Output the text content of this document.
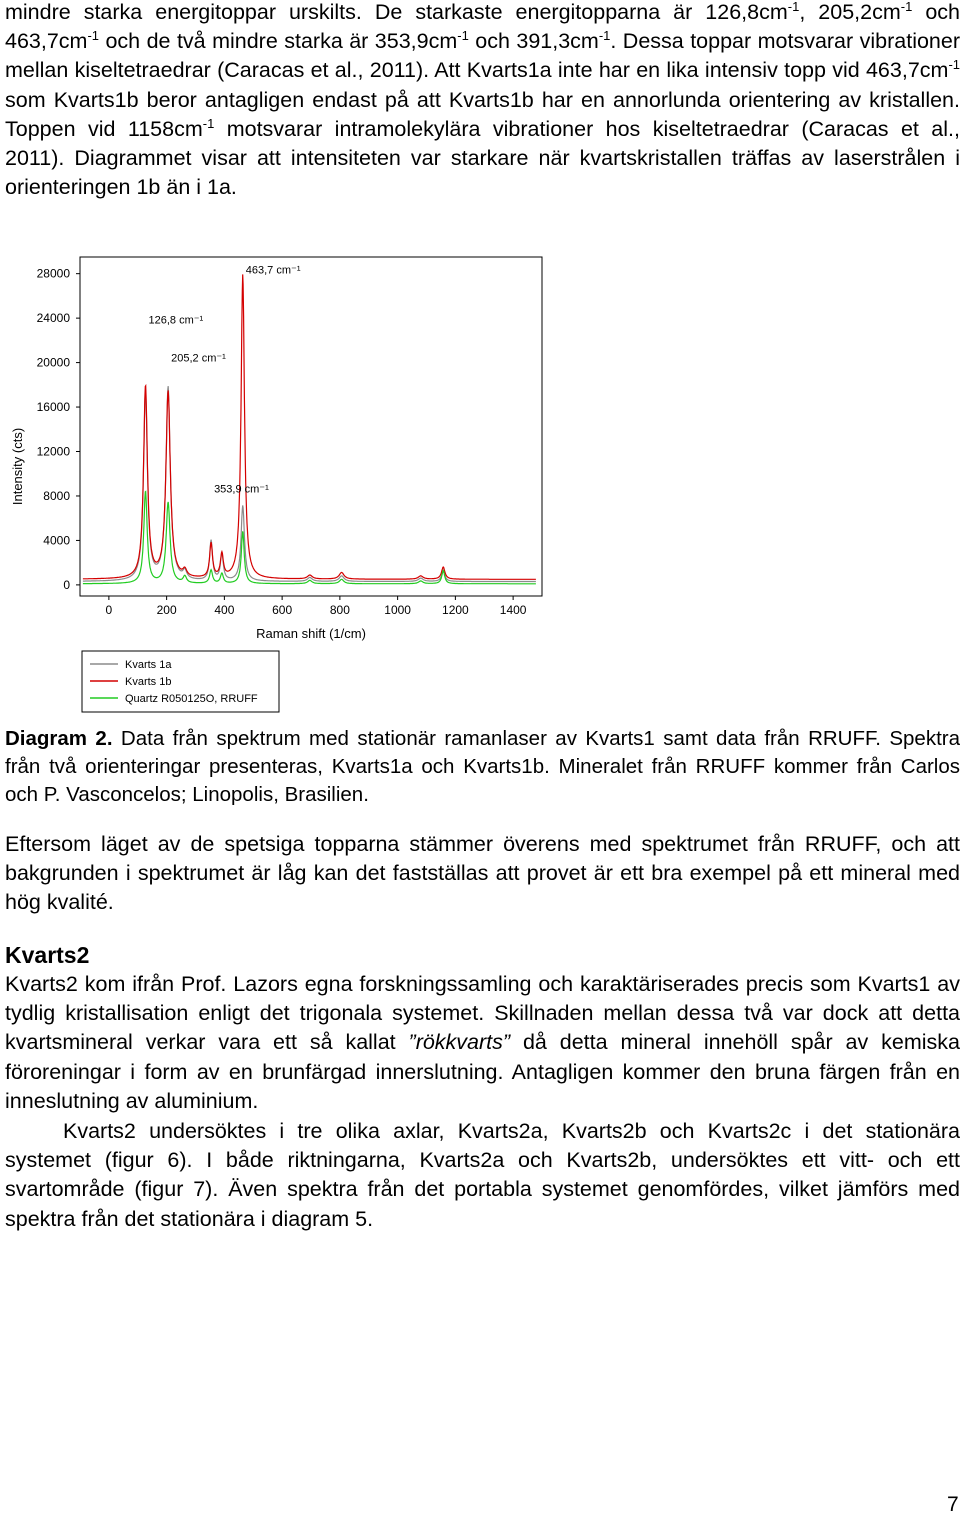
mindre starka energitoppar urskilts. De starkaste energitopparna är $126,8cm^{-1}$, $205,2cm^{-1}$ och $463,7cm^{-1}$ och de två mindre starka är $353,9cm^{-1}$ och $391,3cm^{-1}$. Dessa toppar motsvarar vibrationer mellan kiseltetraedrar (Caracas et al., 2011). Att Kvarts1a inte har en lika intensiv topp vid $463,7cm^{-1}$ som Kvarts1b beror antagligen endast på att Kvarts1b har en annorlunda orientering av kristallen. Toppen vid $1158cm^{-1}$ motsvarar intramolekylära vibrationer hos kiseltetraedrar (Caracas et al., 2011). Diagrammet visar att intensiteten var starkare när kvartskristallen träffas av laserstrålen i orienteringen 1b än i 1a.

0
4000
8000
12000
16000
20000
24000
28000
0	200	400	600	800	1000	1200	1400
Raman shift (1/cm)
Intensity (cts)
463,7 cm⁻¹
126,8 cm⁻¹
205,2 cm⁻¹
353,9 cm⁻¹
Kvarts 1a
Kvarts 1b
Quartz R050125O, RRUFF

Diagram 2. Data från spektrum med stationär ramanlaser av Kvarts1 samt data från RRUFF. Spektra från två orienteringar presenteras, Kvarts1a och Kvarts1b. Mineralet från RRUFF kommer från Carlos och P. Vasconcelos; Linopolis, Brasilien.

Eftersom läget av de spetsiga topparna stämmer överens med spektrumet från RRUFF, och att bakgrunden i spektrumet är låg kan det fastställas att provet är ett bra exempel på ett mineral med hög kvalité.

Kvarts2

Kvarts2 kom ifrån Prof. Lazors egna forskningssamling och karaktäriserades precis som Kvarts1 av tydlig kristallisation enligt det trigonala systemet. Skillnaden mellan dessa två var dock att detta kvartsmineral verkar vara ett så kallat ”rökkvarts” då detta mineral innehöll spår av kemiska föroreningar i form av en brunfärgad innerslutning. Antagligen kommer den bruna färgen från en inneslutning av aluminium.

Kvarts2 undersöktes i tre olika axlar, Kvarts2a, Kvarts2b och Kvarts2c i det stationära systemet (figur 6). I både riktningarna, Kvarts2a och Kvarts2b, undersöktes ett vitt- och ett svartområde (figur 7). Även spektra från det portabla systemet genomfördes, vilket jämförs med spektra från det stationära i diagram 5.

7
